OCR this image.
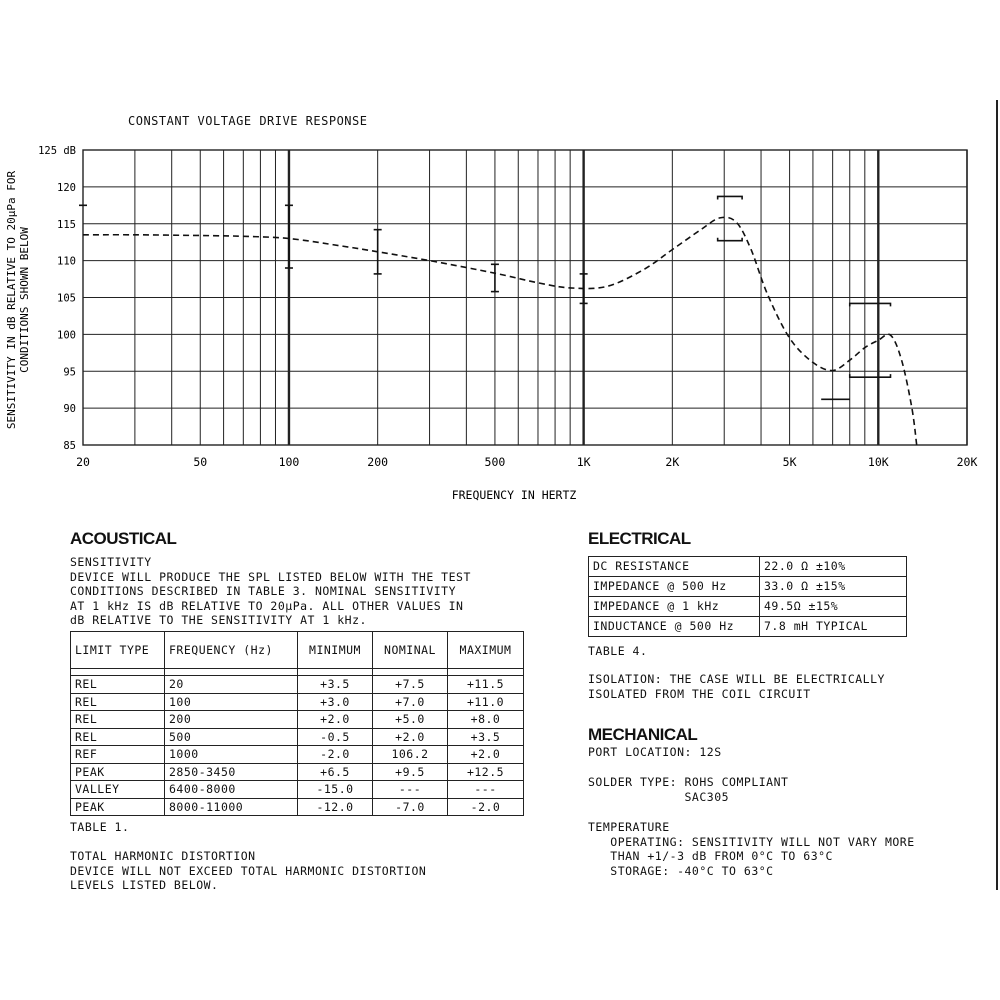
CONSTANT VOLTAGE DRIVE RESPONSE
20	50	100	200	500	1K	2K	5K	10K	20K
125 dB
120
115
110
105
100
95
90
85
FREQUENCY IN HERTZ
SENSITIVITY IN dB RELATIVE TO 20μPa FOR CONDITIONS SHOWN BELOW
ACOUSTICAL
SENSITIVITY
DEVICE WILL PRODUCE THE SPL LISTED BELOW WITH THE TEST
CONDITIONS DESCRIBED IN TABLE 3. NOMINAL SENSITIVITY
AT 1 kHz IS dB RELATIVE TO 20μPa. ALL OTHER VALUES IN
dB RELATIVE TO THE SENSITIVITY AT 1 kHz.
LIMIT TYPE	FREQUENCY (Hz)	MINIMUM	NOMINAL	MAXIMUM

REL	20	+3.5	+7.5	+11.5
REL	100	+3.0	+7.0	+11.0
REL	200	+2.0	+5.0	+8.0
REL	500	-0.5	+2.0	+3.5
REF	1000	-2.0	106.2	+2.0
PEAK	2850-3450	+6.5	+9.5	+12.5
VALLEY	6400-8000	-15.0	---	---
PEAK	8000-11000	-12.0	-7.0	-2.0
TABLE 1.
TOTAL HARMONIC DISTORTION
DEVICE WILL NOT EXCEED TOTAL HARMONIC DISTORTION
LEVELS LISTED BELOW.
ELECTRICAL
DC RESISTANCE	22.0 Ω ±10%
IMPEDANCE @ 500 Hz	33.0 Ω ±15%
IMPEDANCE @ 1 kHz	49.5Ω ±15%
INDUCTANCE @ 500 Hz	7.8 mH TYPICAL
TABLE 4.
ISOLATION: THE CASE WILL BE ELECTRICALLY
ISOLATED FROM THE COIL CIRCUIT
MECHANICAL
PORT LOCATION: 12S
SOLDER TYPE: ROHS COMPLIANT
SAC305
TEMPERATURE
OPERATING: SENSITIVITY WILL NOT VARY MORE
THAN +1/-3 dB FROM 0°C TO 63°C
STORAGE: -40°C TO 63°C
